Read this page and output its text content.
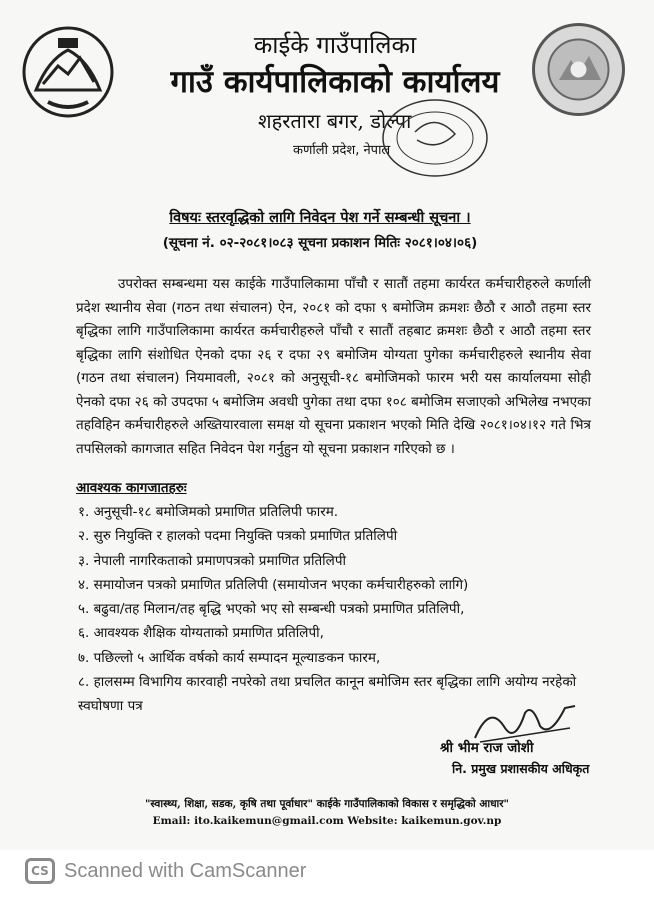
काईके गाउँपालिका
गाउँ कार्यपालिकाको कार्यालय
शहरतारा बगर, डोल्पा
कर्णाली प्रदेश, नेपाल
विषयः स्तरवृद्धिको लागि निवेदन पेश गर्ने सम्बन्धी सूचना ।
(सूचना नं. ०२-२०८१।०८३ सूचना प्रकाशन मितिः २०८१।०४।०६)
उपरोक्त सम्बन्धमा यस काईके गाउँपालिकामा पाँचौ र सातौं तहमा कार्यरत कर्मचारीहरुले कर्णाली प्रदेश स्थानीय सेवा (गठन तथा संचालन) ऐन, २०८१ को दफा ९ बमोजिम क्रमशः छैठौ र आठौ तहमा स्तर बृद्धिका लागि गाउँपालिकामा कार्यरत कर्मचारीहरुले पाँचौ र सातौं तहबाट क्रमशः छैठौ र आठौ तहमा स्तर बृद्धिका लागि संशोधित ऐनको दफा २६ र दफा २९ बमोजिम योग्यता पुगेका कर्मचारीहरुले स्थानीय सेवा (गठन तथा संचालन) नियमावली, २०८१ को अनुसूची-१८ बमोजिमको फारम भरी यस कार्यालयमा सोही ऐनको दफा २६ को उपदफा ५ बमोजिम अवधी पुगेका तथा दफा १०८ बमोजिम सजाएको अभिलेख नभएका तहविहिन कर्मचारीहरुले अख्तियारवाला समक्ष यो सूचना प्रकाशन भएको मिति देखि २०८१।०४।१२ गते भित्र तपसिलको कागजात सहित निवेदन पेश गर्नुहुन यो सूचना प्रकाशन गरिएको छ ।
आवश्यक कागजातहरुः
१. अनुसूची-१८ बमोजिमको प्रमाणित प्रतिलिपी फारम.
२. सुरु नियुक्ति र हालको पदमा नियुक्ति पत्रको प्रमाणित प्रतिलिपी
३. नेपाली नागरिकताको प्रमाणपत्रको प्रमाणित प्रतिलिपी
४. समायोजन पत्रको प्रमाणित प्रतिलिपी (समायोजन भएका कर्मचारीहरुको लागि)
५. बढुवा/तह मिलान/तह बृद्धि भएको भए सो सम्बन्धी पत्रको प्रमाणित प्रतिलिपी,
६. आवश्यक शैक्षिक योग्यताको प्रमाणित प्रतिलिपी,
७. पछिल्लो ५ आर्थिक वर्षको कार्य सम्पादन मूल्याङकन फारम,
८. हालसम्म विभागिय कारवाही नपरेको तथा प्रचलित कानून बमोजिम स्तर बृद्धिका लागि अयोग्य नरहेको स्वघोषणा पत्र
श्री भीम राज जोशी
नि. प्रमुख प्रशासकीय अधिकृत
"स्वास्थ्य, शिक्षा, सडक, कृषि तथा पूर्वाधार" काईके गाउँपालिकाको विकास र समृद्धिको आधार"
Email: ito.kaikemun@gmail.com Website: kaikemun.gov.np
CS Scanned with CamScanner
